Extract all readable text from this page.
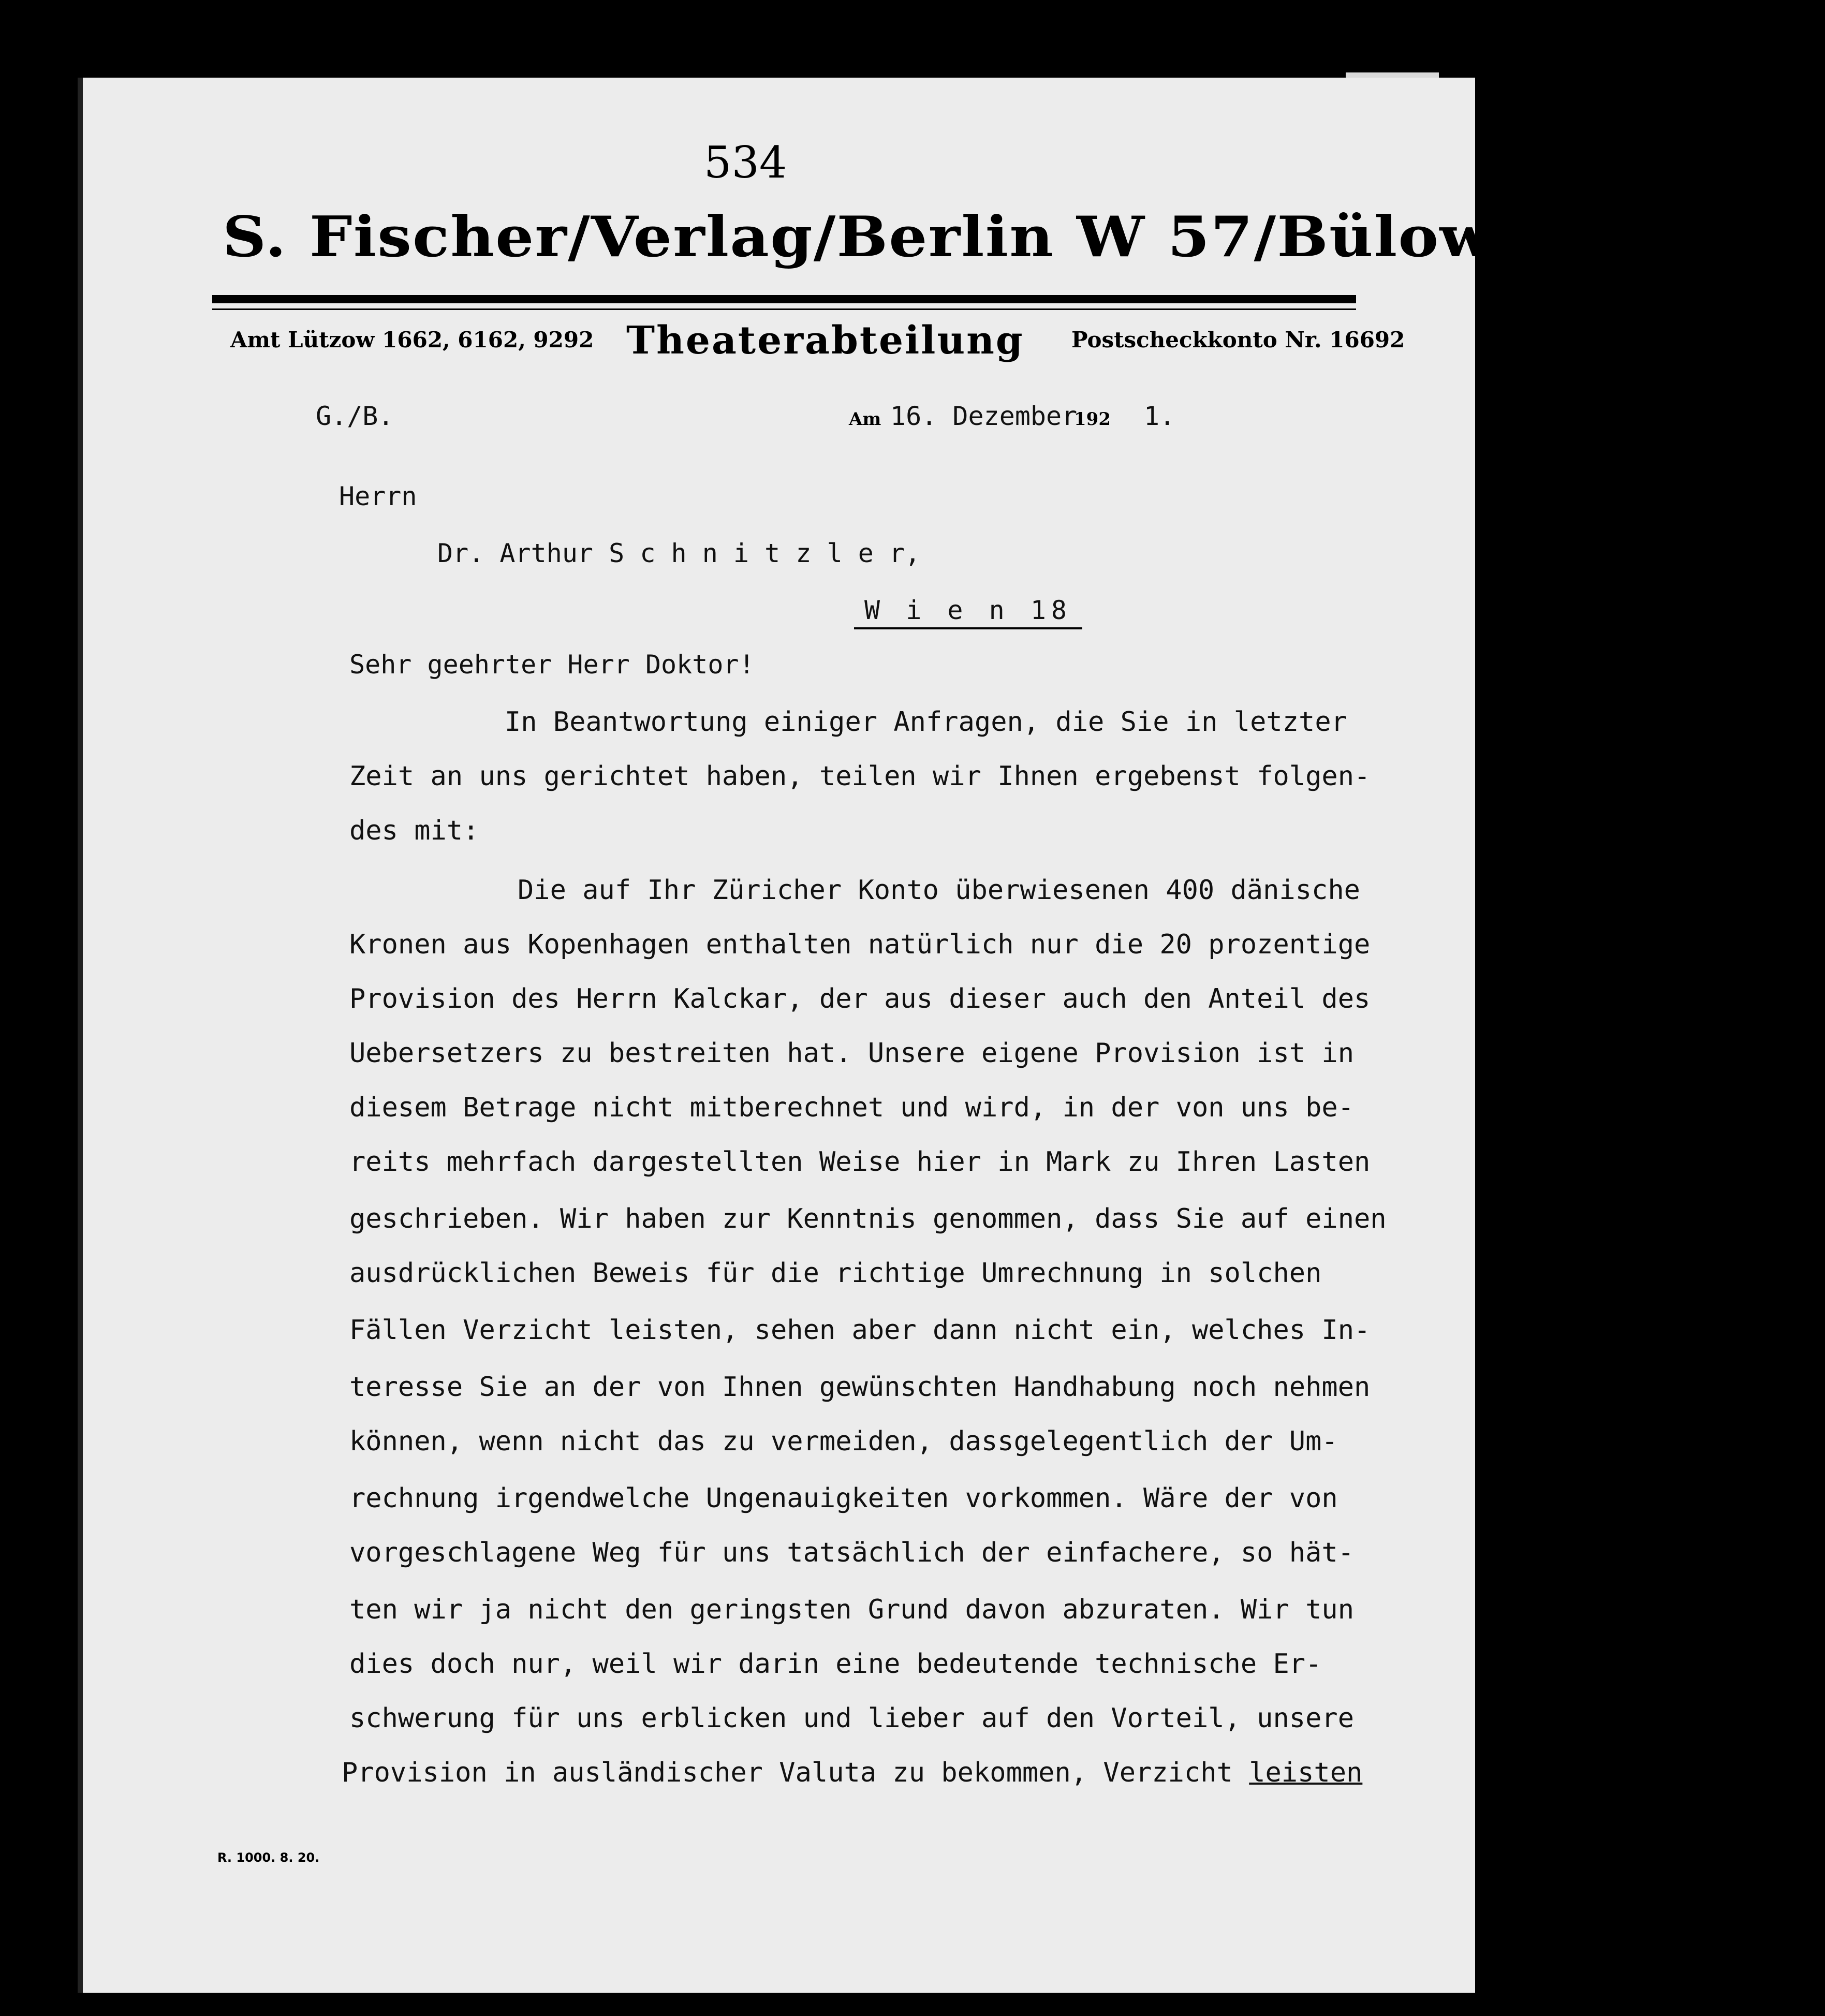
534
S. Fischer/Verlag/Berlin W 57/Bülowstraße 90
Amt Lützow 1662, 6162, 9292 Theaterabteilung Postscheckkonto Nr. 16692
G./B.	Am 16. Dezember
192 1.
Herrn
Dr. Arthur S c h n i t z l e r,
W i e n 18
Sehr geehrter Herr Doktor!
In Beantwortung einiger Anfragen, die Sie in letzter
Zeit an uns gerichtet haben, teilen wir Ihnen ergebenst folgen-
des mit:
Die auf Ihr Züricher Konto überwiesenen 400 dänische
Kronen aus Kopenhagen enthalten natürlich nur die 20 prozentige
Provision des Herrn Kalckar, der aus dieser auch den Anteil des
Uebersetzers zu bestreiten hat. Unsere eigene Provision ist in
diesem Betrage nicht mitberechnet und wird, in der von uns be-
reits mehrfach dargestellten Weise hier in Mark zu Ihren Lasten
geschrieben. Wir haben zur Kenntnis genommen, dass Sie auf einen
ausdrücklichen Beweis für die richtige Umrechnung in solchen
Fällen Verzicht leisten, sehen aber dann nicht ein, welches In-
teresse Sie an der von Ihnen gewünschten Handhabung noch nehmen
können, wenn nicht das zu vermeiden, dassgelegentlich der Um-
rechnung irgendwelche Ungenauigkeiten vorkommen. Wäre der von
vorgeschlagene Weg für uns tatsächlich der einfachere, so hät-
ten wir ja nicht den geringsten Grund davon abzuraten. Wir tun
dies doch nur, weil wir darin eine bedeutende technische Er-
schwerung für uns erblicken und lieber auf den Vorteil, unsere
Provision in ausländischer Valuta zu bekommen, Verzicht leisten
R. 1000. 8. 20.
